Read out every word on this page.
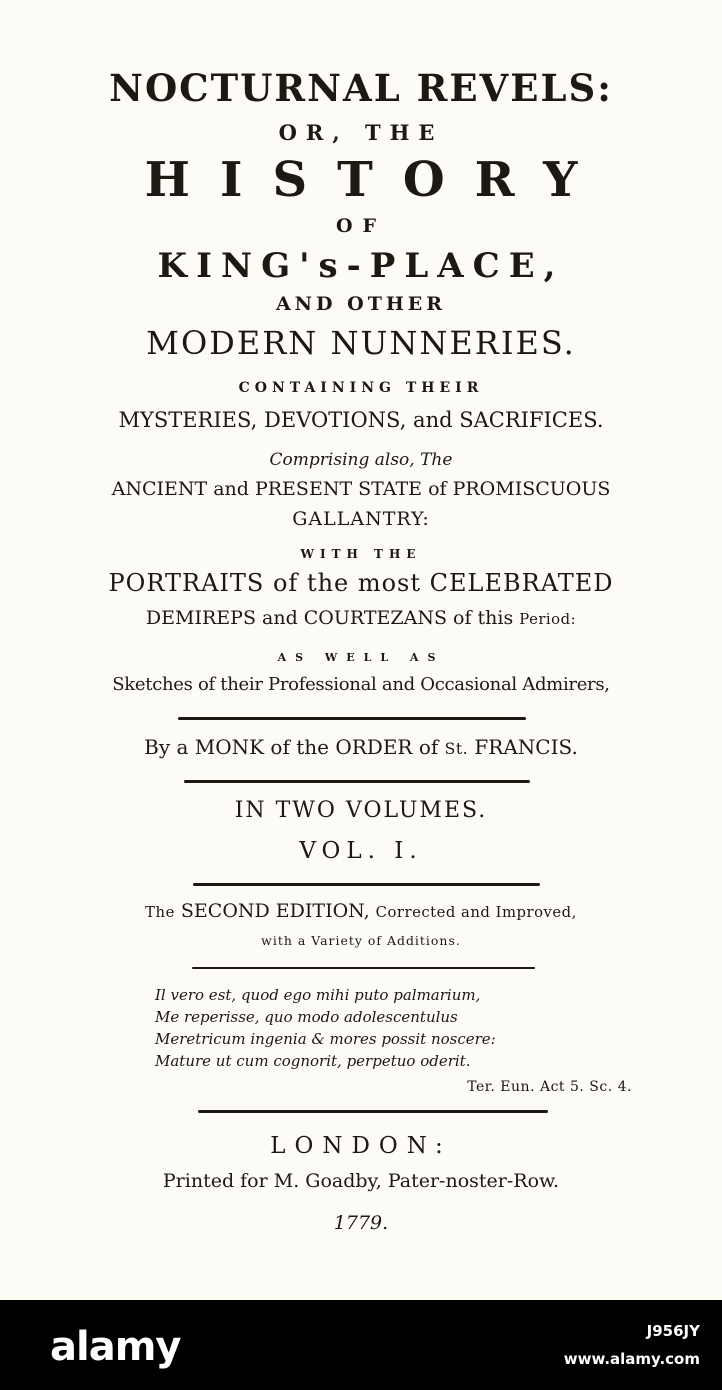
NOCTURNAL REVELS:
OR, THE
HISTORY
OF
KING's-PLACE,
AND OTHER
MODERN NUNNERIES.
CONTAINING THEIR
MYSTERIES, DEVOTIONS, and SACRIFICES.
Comprising also, The
ANCIENT and PRESENT STATE of PROMISCUOUS
GALLANTRY:
WITH THE
PORTRAITS of the most CELEBRATED
DEMIREPS and COURTEZANS of this Period:
AS WELL AS
Sketches of their Professional and Occasional Admirers,
By a MONK of the ORDER of St. FRANCIS.
IN TWO VOLUMES.
VOL. I.
The SECOND EDITION, Corrected and Improved,
with a Variety of Additions.
Il vero est, quod ego mihi puto palmarium,
Me reperisse, quo modo adolescentulus
Meretricum ingenia & mores possit noscere:
Mature ut cum cognorit, perpetuo oderit.
Ter. Eun. Act 5. Sc. 4.
LONDON:
Printed for M. Goadby, Pater-noster-Row.
1779.
alamy	J956JY
www.alamy.com
